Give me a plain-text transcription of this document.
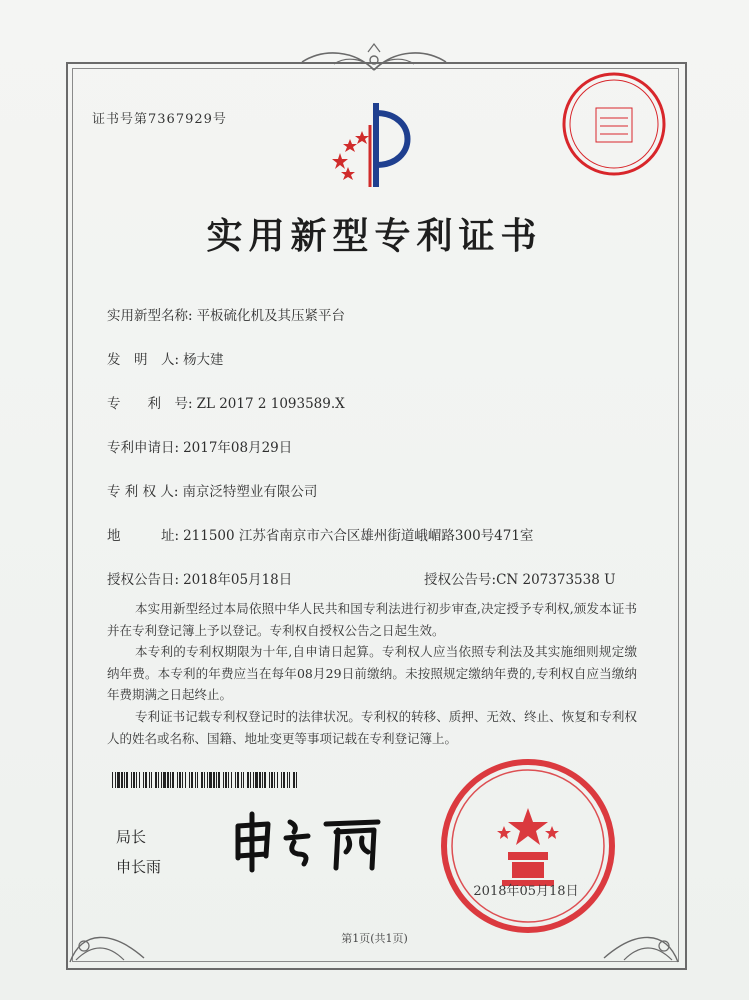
证书号第7367929号
实用新型专利证书
实用新型名称: 平板硫化机及其压紧平台
发　明　人: 杨大建
专　　利　号: ZL 2017 2 1093589.X
专利申请日: 2017年08月29日
专 利 权 人: 南京泛特塑业有限公司
地　　　址: 211500 江苏省南京市六合区雄州街道峨嵋路300号471室
授权公告日: 2018年05月18日	授权公告号:CN 207373538 U
本实用新型经过本局依照中华人民共和国专利法进行初步审查,决定授予专利权,颁发本证书并在专利登记簿上予以登记。专利权自授权公告之日起生效。
本专利的专利权期限为十年,自申请日起算。专利权人应当依照专利法及其实施细则规定缴纳年费。本专利的年费应当在每年08月29日前缴纳。未按照规定缴纳年费的,专利权自应当缴纳年费期满之日起终止。
专利证书记载专利权登记时的法律状况。专利权的转移、质押、无效、终止、恢复和专利权人的姓名或名称、国籍、地址变更等事项记载在专利登记簿上。
局长
申长雨
2018年05月18日
第1页(共1页)
